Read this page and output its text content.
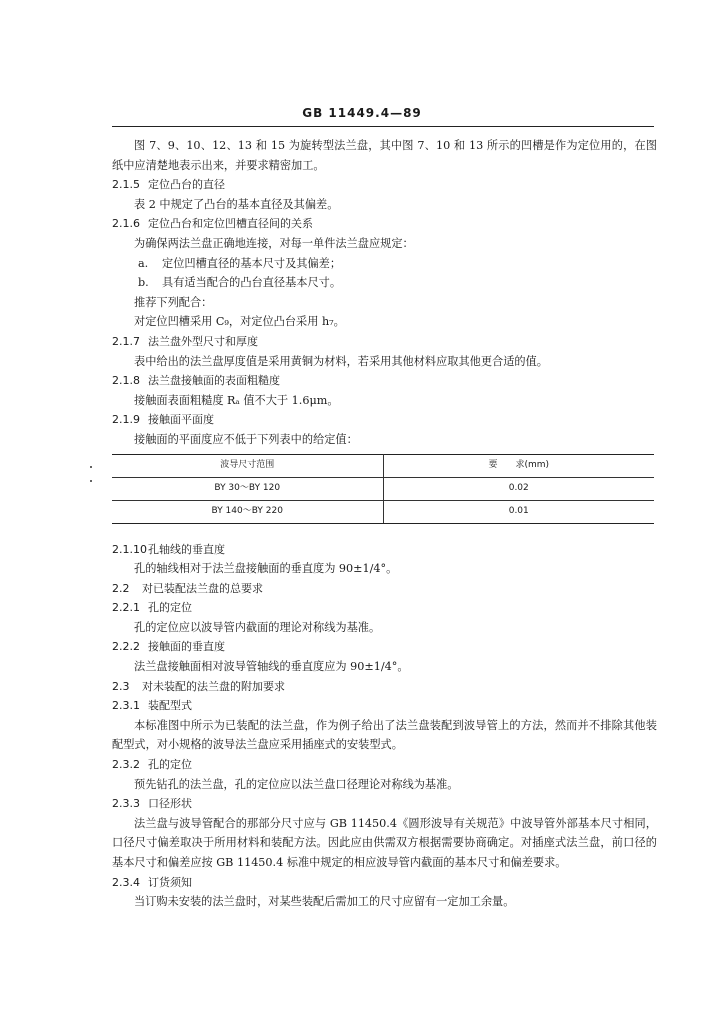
GB 11449.4—89

图 7、9、10、12、13 和 15 为旋转型法兰盘，其中图 7、10 和 13 所示的凹槽是作为定位用的，在图纸中应清楚地表示出来，并要求精密加工。

2.1.5 定位凸台的直径

表 2 中规定了凸台的基本直径及其偏差。

2.1.6 定位凸台和定位凹槽直径间的关系

为确保两法兰盘正确地连接，对每一单件法兰盘应规定：

a. 定位凹槽直径的基本尺寸及其偏差；

b. 具有适当配合的凸台直径基本尺寸。

推荐下列配合：

对定位凹槽采用 C₉，对定位凸台采用 h₇。

2.1.7 法兰盘外型尺寸和厚度

表中给出的法兰盘厚度值是采用黄铜为材料，若采用其他材料应取其他更合适的值。

2.1.8 法兰盘接触面的表面粗糙度

接触面表面粗糙度 Rₐ 值不大于 1.6μm。

2.1.9 接触面平面度

接触面的平面度应不低于下列表中的给定值：

波导尺寸范围	要　　求(mm)
BY 30～BY 120	0.02
BY 140～BY 220	0.01

2.1.10孔轴线的垂直度

孔的轴线相对于法兰盘接触面的垂直度为 90±1/4°。

2.2 对已装配法兰盘的总要求

2.2.1 孔的定位

孔的定位应以波导管内截面的理论对称线为基准。

2.2.2 接触面的垂直度

法兰盘接触面相对波导管轴线的垂直度应为 90±1/4°。

2.3 对未装配的法兰盘的附加要求

2.3.1 装配型式

本标准图中所示为已装配的法兰盘，作为例子给出了法兰盘装配到波导管上的方法，然而并不排除其他装配型式，对小规格的波导法兰盘应采用插座式的安装型式。

2.3.2 孔的定位

预先钻孔的法兰盘，孔的定位应以法兰盘口径理论对称线为基准。

2.3.3 口径形状

法兰盘与波导管配合的那部分尺寸应与 GB 11450.4《圆形波导有关规范》中波导管外部基本尺寸相同，口径尺寸偏差取决于所用材料和装配方法。因此应由供需双方根据需要协商确定。对插座式法兰盘，前口径的基本尺寸和偏差应按 GB 11450.4 标准中规定的相应波导管内截面的基本尺寸和偏差要求。

2.3.4 订货须知

当订购未安装的法兰盘时，对某些装配后需加工的尺寸应留有一定加工余量。
